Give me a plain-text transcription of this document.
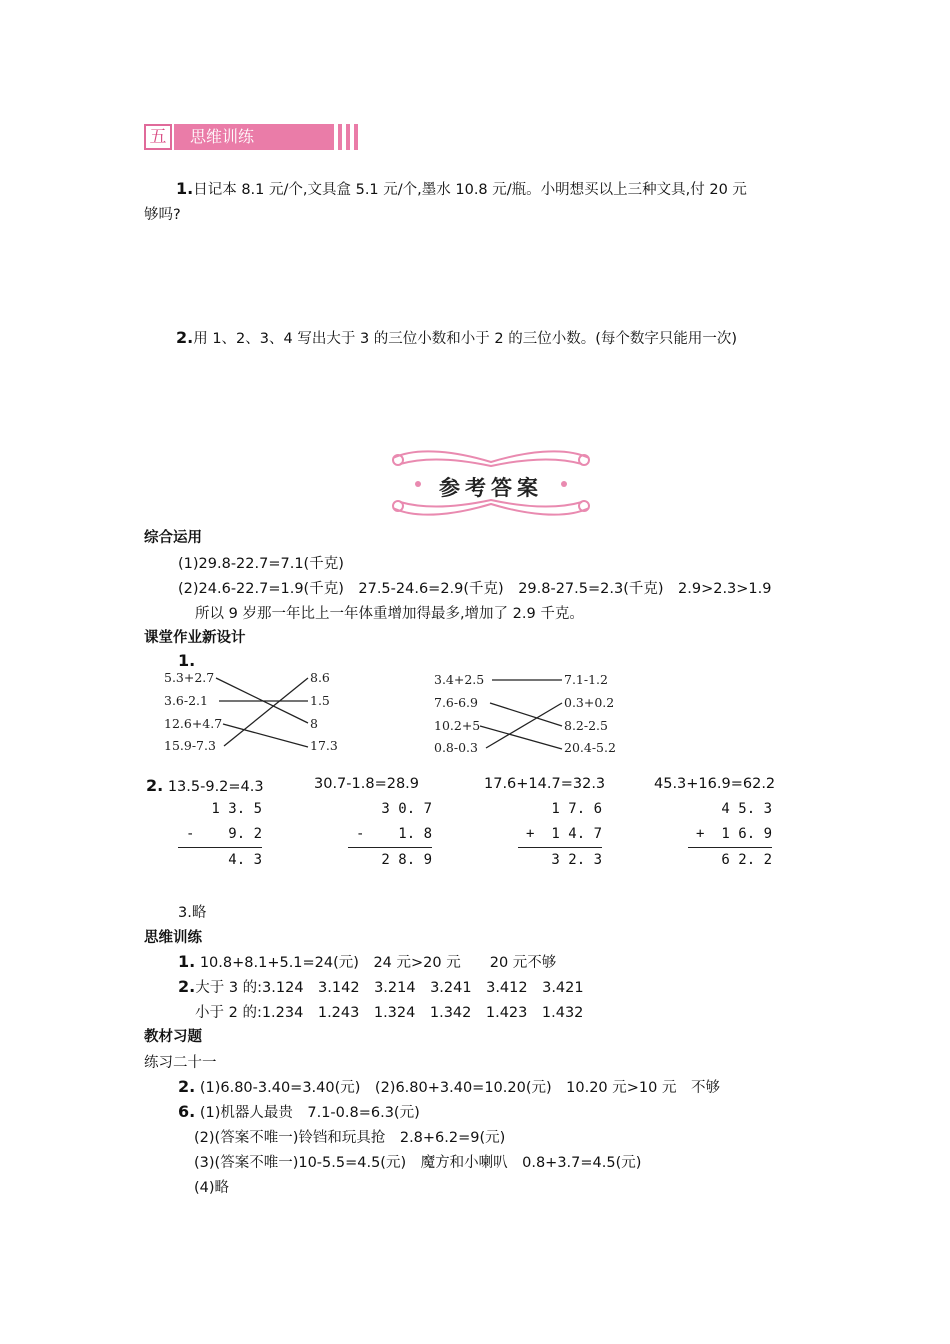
五	思维训练
1.日记本 8.1 元/个,文具盒 5.1 元/个,墨水 10.8 元/瓶。小明想买以上三种文具,付 20 元
够吗?
2.用 1、2、3、4 写出大于 3 的三位小数和小于 2 的三位小数。(每个数字只能用一次)
参考答案
综合运用
(1)29.8-22.7=7.1(千克)
(2)24.6-22.7=1.9(千克)　27.5-24.6=2.9(千克)　29.8-27.5=2.3(千克)　2.9>2.3>1.9
所以 9 岁那一年比上一年体重增加得最多,增加了 2.9 千克。
课堂作业新设计
1.
5.3+2.7
3.6-2.1
12.6+4.7
15.9-7.3
8.6
1.5
8
17.3
3.4+2.5
7.6-6.9
10.2+5
0.8-0.3
7.1-1.2
0.3+0.2
8.2-2.5
20.4-5.2
2. 13.5-9.2=4.3	30.7-1.8=28.9	17.6+14.7=32.3	45.3+16.9=62.2
1 3. 5
- 9. 2
4. 3
3 0. 7
- 1. 8
2 8. 9
1 7. 6
+ 1 4. 7
3 2. 3
4 5. 3
+ 1 6. 9
6 2. 2
3.略
思维训练
1. 10.8+8.1+5.1=24(元)　24 元>20 元　　20 元不够
2.大于 3 的:3.124　3.142　3.214　3.241　3.412　3.421
小于 2 的:1.234　1.243　1.324　1.342　1.423　1.432
教材习题
练习二十一
2. (1)6.80-3.40=3.40(元)　(2)6.80+3.40=10.20(元)　10.20 元>10 元　不够
6. (1)机器人最贵　7.1-0.8=6.3(元)
(2)(答案不唯一)铃铛和玩具抢　2.8+6.2=9(元)
(3)(答案不唯一)10-5.5=4.5(元)　魔方和小喇叭　0.8+3.7=4.5(元)
(4)略
